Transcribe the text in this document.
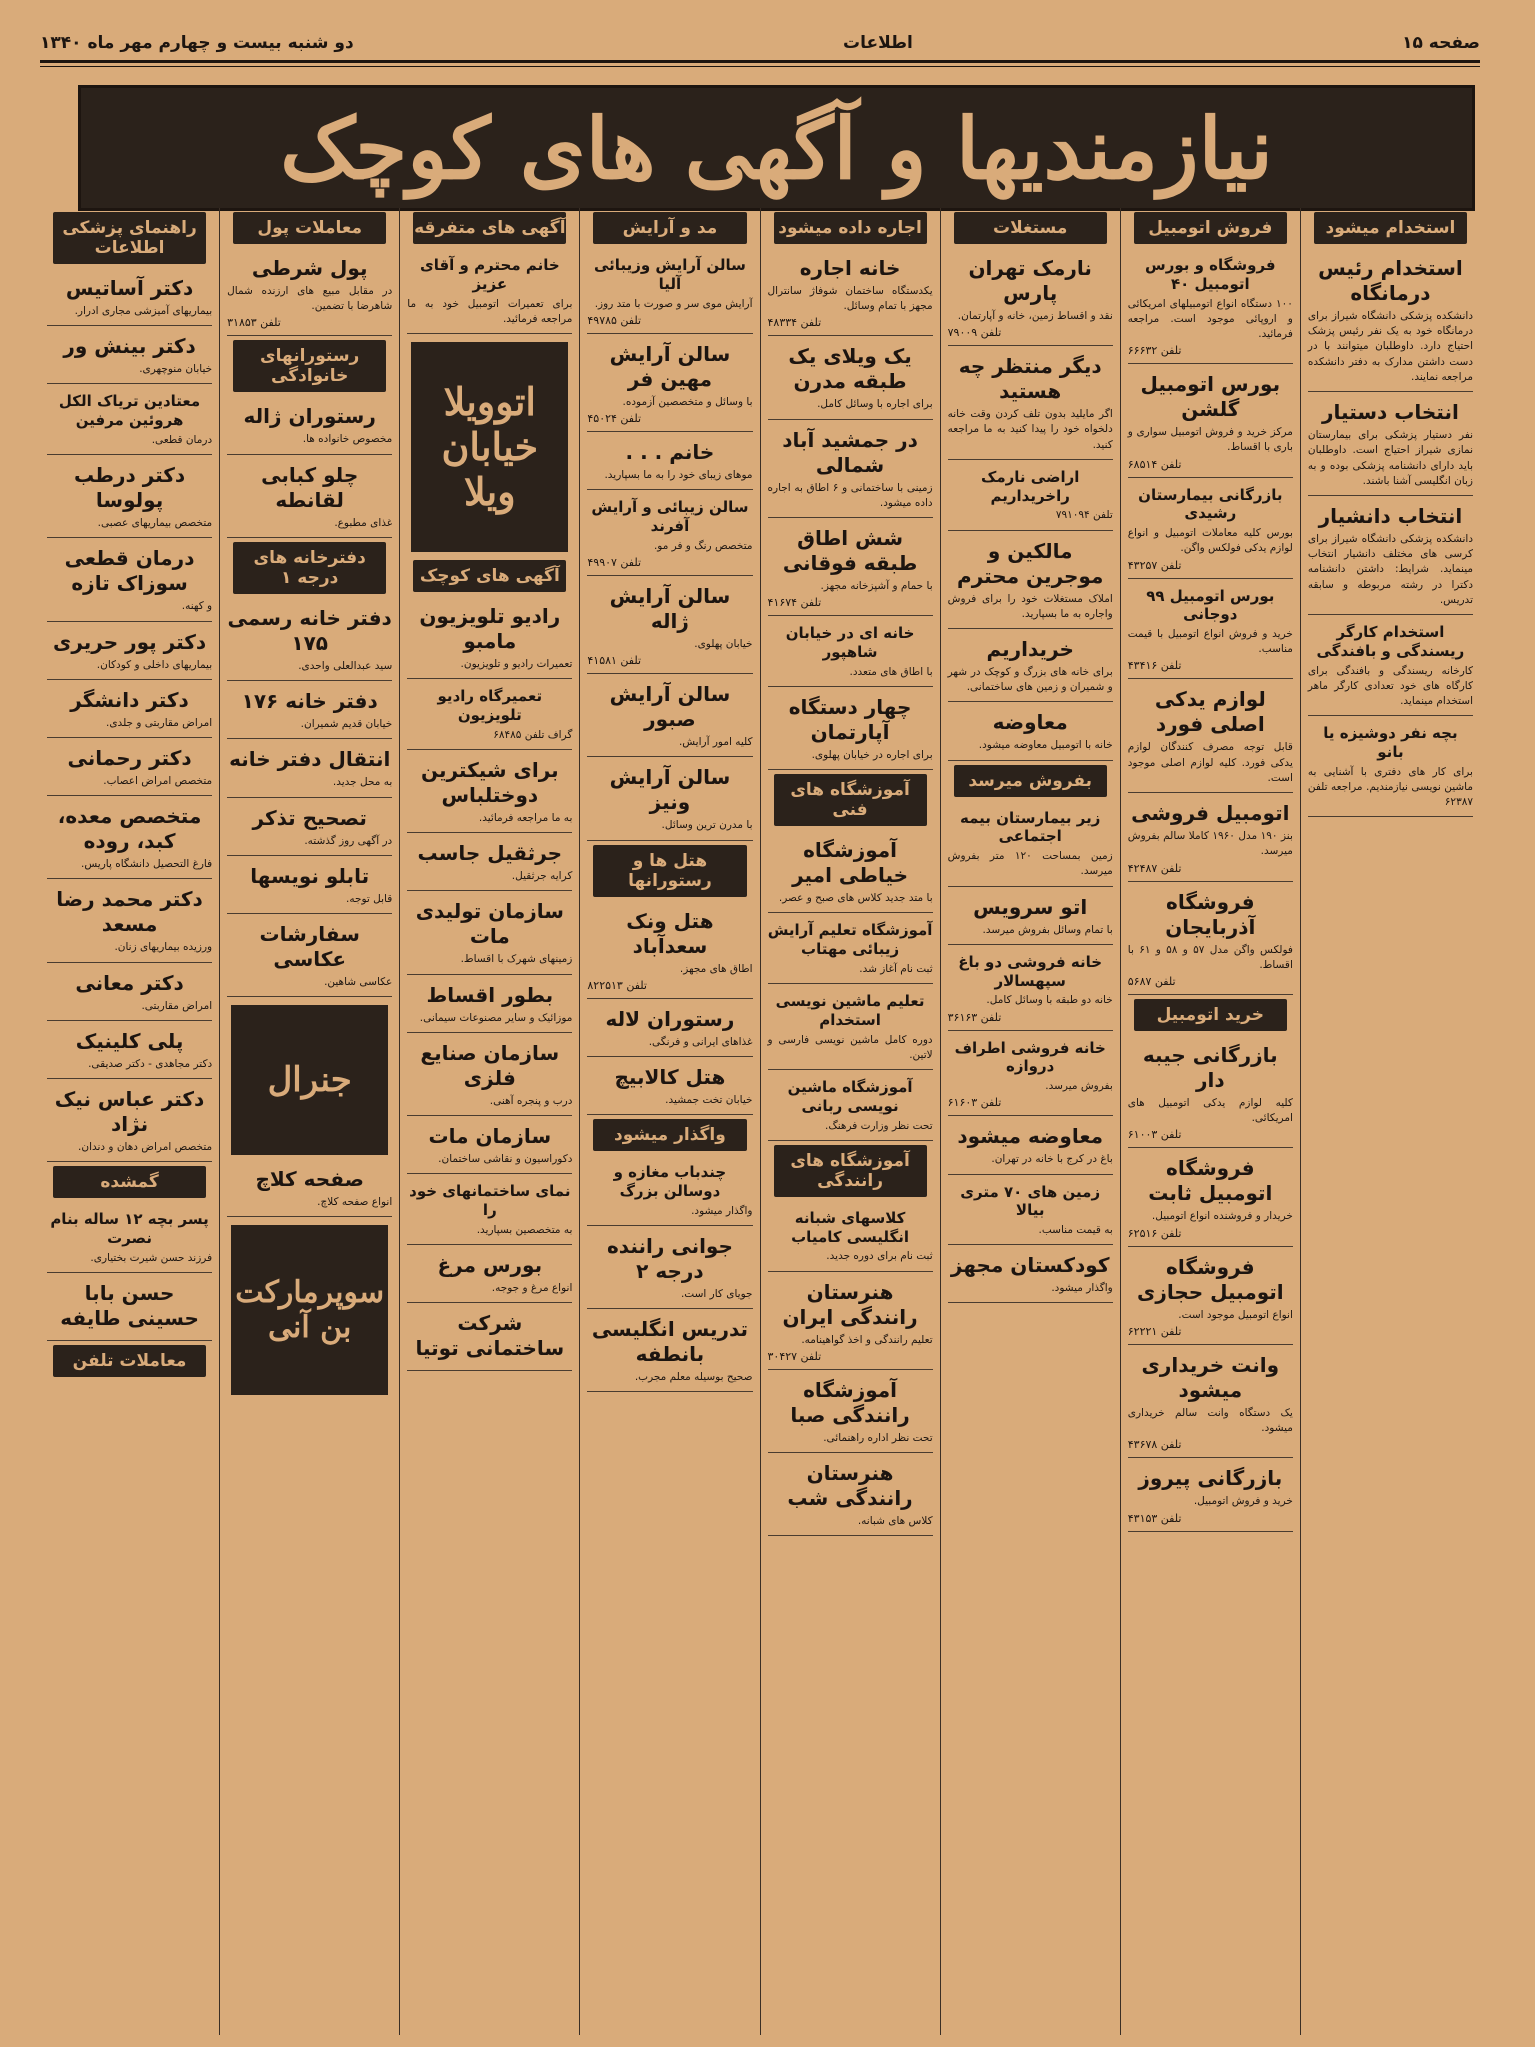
صفحه ۱۵
اطلاعات
دو شنبه بیست و چهارم مهر ماه ۱۳۴۰
نیازمندیها و آگهی های کوچک
استخدام میشود
استخدام رئیس درمانگاه

دانشکده پزشکی دانشگاه شیراز برای درمانگاه خود به یک نفر رئیس پزشک احتیاج دارد. داوطلبان میتوانند با در دست داشتن مدارک به دفتر دانشکده مراجعه نمایند.

انتخاب دستیار

نفر دستیار پزشکی برای بیمارستان نمازی شیراز احتیاج است. داوطلبان باید دارای دانشنامه پزشکی بوده و به زبان انگلیسی آشنا باشند.

انتخاب دانشیار

دانشکده پزشکی دانشگاه شیراز برای کرسی های مختلف دانشیار انتخاب مینماید. شرایط: داشتن دانشنامه دکترا در رشته مربوطه و سابقه تدریس.

استخدام کارگر ریسندگی و بافندگی

کارخانه ریسندگی و بافندگی برای کارگاه های خود تعدادی کارگر ماهر استخدام مینماید.

بچه نفر دوشیزه یا بانو

برای کار های دفتری با آشنایی به ماشین نویسی نیازمندیم. مراجعه تلفن ۶۲۳۸۷

فروش اتومبیل
فروشگاه و بورس اتومبیل ۴۰

۱۰۰ دستگاه انواع اتومبیلهای امریکائی و اروپائی موجود است. مراجعه فرمائید.

تلفن ۶۶۶۳۲
بورس اتومبیل گلشن

مرکز خرید و فروش اتومبیل سواری و باری با اقساط.

تلفن ۶۸۵۱۴
بازرگانی بیمارستان رشیدی

بورس کلیه معاملات اتومبیل و انواع لوازم یدکی فولکس واگن.

تلفن ۴۳۲۵۷
بورس اتومبیل ۹۹ دوجانی

خرید و فروش انواع اتومبیل با قیمت مناسب.

تلفن ۴۳۴۱۶
لوازم یدکی اصلی فورد

قابل توجه مصرف کنندگان لوازم یدکی فورد. کلیه لوازم اصلی موجود است.

اتومبیل فروشی

بنز ۱۹۰ مدل ۱۹۶۰ کاملا سالم بفروش میرسد.

تلفن ۴۲۴۸۷
فروشگاه آذربایجان

فولکس واگن مدل ۵۷ و ۵۸ و ۶۱ با اقساط.

تلفن ۵۶۸۷
خرید اتومبیل
بازرگانی جیبه دار

کلیه لوازم یدکی اتومبیل های امریکائی.

تلفن ۶۱۰۰۳
فروشگاه اتومبیل ثابت

خریدار و فروشنده انواع اتومبیل.

تلفن ۶۲۵۱۶
فروشگاه اتومبیل حجازی

انواع اتومبیل موجود است.

تلفن ۶۲۲۲۱
وانت خریداری میشود

یک دستگاه وانت سالم خریداری میشود.

تلفن ۴۳۶۷۸
بازرگانی پیروز

خرید و فروش اتومبیل.

تلفن ۴۳۱۵۳
مستغلات
نارمک تهران پارس

نقد و اقساط زمین، خانه و آپارتمان.

تلفن ۷۹۰۰۹
دیگر منتظر چه هستید

اگر مایلید بدون تلف کردن وقت خانه دلخواه خود را پیدا کنید به ما مراجعه کنید.

اراضی نارمک راخریداریم

تلفن ۷۹۱۰۹۴

مالکین و موجرین محترم

املاک مستغلات خود را برای فروش واجاره به ما بسپارید.

خریداریم

برای خانه های بزرگ و کوچک در شهر و شمیران و زمین های ساختمانی.

معاوضه

خانه با اتومبیل معاوضه میشود.

بفروش میرسد
زیر بیمارستان بیمه اجتماعی

زمین بمساحت ۱۲۰ متر بفروش میرسد.

اتو سرویس

با تمام وسائل بفروش میرسد.

خانه فروشی دو باغ سپهسالار

خانه دو طبقه با وسائل کامل.

تلفن ۳۶۱۶۳
خانه فروشی اطراف دروازه

بفروش میرسد.

تلفن ۶۱۶۰۳
معاوضه میشود

باغ در کرج با خانه در تهران.

زمین های ۷۰ متری بیالا

به قیمت مناسب.

کودکستان مجهز

واگذار میشود.

اجاره داده میشود
خانه اجاره

یکدستگاه ساختمان شوفاژ سانترال مجهز با تمام وسائل.

تلفن ۴۸۳۳۴
یک ویلای یک طبقه مدرن

برای اجاره با وسائل کامل.

در جمشید آباد شمالی

زمینی با ساختمانی و ۶ اطاق به اجاره داده میشود.

شش اطاق طبقه فوقانی

با حمام و آشپزخانه مجهز.

تلفن ۴۱۶۷۴
خانه ای در خیابان شاهپور

با اطاق های متعدد.

چهار دستگاه آپارتمان

برای اجاره در خیابان پهلوی.

آموزشگاه های فنی
آموزشگاه خیاطی امیر

با متد جدید کلاس های صبح و عصر.

آموزشگاه تعلیم آرایش زیبائی مهتاب

ثبت نام آغاز شد.

تعلیم ماشین نویسی استخدام

دوره کامل ماشین نویسی فارسی و لاتین.

آموزشگاه ماشین نویسی ربانی

تحت نظر وزارت فرهنگ.

آموزشگاه های رانندگی
کلاسهای شبانه انگلیسی کامیاب

ثبت نام برای دوره جدید.

هنرستان رانندگی ایران

تعلیم رانندگی و اخذ گواهینامه.

تلفن ۳۰۴۲۷
آموزشگاه رانندگی صبا

تحت نظر اداره راهنمائی.

هنرستان رانندگی شب

کلاس های شبانه.

مد و آرایش
سالن آرایش وزیبائی آلیا

آرایش موی سر و صورت با متد روز.

تلفن ۴۹۷۸۵
سالن آرایش مهین فر

با وسائل و متخصصین آزموده.

تلفن ۴۵۰۲۴
خانم . . .

موهای زیبای خود را به ما بسپارید.

سالن زیبائی و آرایش آفرند

متخصص رنگ و فر مو.

تلفن ۴۹۹۰۷
سالن آرایش ژاله

خیابان پهلوی.

تلفن ۴۱۵۸۱
سالن آرایش صبور

کلیه امور آرایش.

سالن آرایش ونیز

با مدرن ترین وسائل.

هتل ها و رستورانها
هتل ونک سعدآباد

اطاق های مجهز.

تلفن ۸۲۲۵۱۳
رستوران لاله

غذاهای ایرانی و فرنگی.

هتل کالابیچ

خیابان تخت جمشید.

واگذار میشود
چندباب مغازه و دوسالن بزرگ

واگذار میشود.

جوانی راننده درجه ۲

جویای کار است.

تدریس انگلیسی بانطفه

صحیح بوسیله معلم مجرب.

آگهی های متفرقه
خانم محترم و آقای عزیز

برای تعمیرات اتومبیل خود به ما مراجعه فرمائید.

اتوویلا خیابان ویلا
آگهی های کوچک
رادیو تلویزیون مامبو

تعمیرات رادیو و تلویزیون.

تعمیرگاه رادیو تلویزیون

گراف تلفن ۶۸۴۸۵

برای شیکترین دوختلباس

به ما مراجعه فرمائید.

جرثقیل جاسب

کرایه جرثقیل.

سازمان تولیدی مات

زمینهای شهرک با اقساط.

بطور اقساط

موزائیک و سایر مصنوعات سیمانی.

سازمان صنایع فلزی

درب و پنجره آهنی.

سازمان مات

دکوراسیون و نقاشی ساختمان.

نمای ساختمانهای خود را

به متخصصین بسپارید.

بورس مرغ

انواع مرغ و جوجه.

شرکت ساختمانی توتیا
معاملات پول
پول شرطی

در مقابل مبیع های ارزنده شمال شاهرضا با تضمین.

تلفن ۳۱۸۵۳
رستورانهای خانوادگی
رستوران ژاله

مخصوص خانواده ها.

چلو کبابی لقانطه

غذای مطبوع.

دفترخانه های درجه ۱
دفتر خانه رسمی ۱۷۵

سید عبدالعلی واحدی.

دفتر خانه ۱۷۶

خیابان قدیم شمیران.

انتقال دفتر خانه

به محل جدید.

تصحیح تذکر

در آگهی روز گذشته.

تابلو نویسها

قابل توجه.

سفارشات عکاسی

عکاسی شاهین.

جنرال
صفحه کلاچ

انواع صفحه کلاچ.

سوپرمارکت بن آنی
راهنمای پزشکی اطلاعات
دکتر آساتیس

بیماریهای آمیزشی مجاری ادرار.

دکتر بینش ور

خیابان منوچهری.

معتادین تریاک الکل هروئین مرفین

درمان قطعی.

دکتر درطب پولوسا

متخصص بیماریهای عصبی.

درمان قطعی سوزاک تازه

و کهنه.

دکتر پور حریری

بیماریهای داخلی و کودکان.

دکتر دانشگر

امراض مقاربتی و جلدی.

دکتر رحمانی

متخصص امراض اعصاب.

متخصص معده، کبد، روده

فارغ التحصیل دانشگاه پاریس.

دکتر محمد رضا مسعد

ورزیده بیماریهای زنان.

دکتر معانی

امراض مقاربتی.

پلی کلینیک

دکتر مجاهدی - دکتر صدیقی.

دکتر عباس نیک نژاد

متخصص امراض دهان و دندان.

گمشده
پسر بچه ۱۲ ساله بنام نصرت

فرزند حسن شیرت بختیاری.

حسن بابا حسینی طایفه
معاملات تلفن
